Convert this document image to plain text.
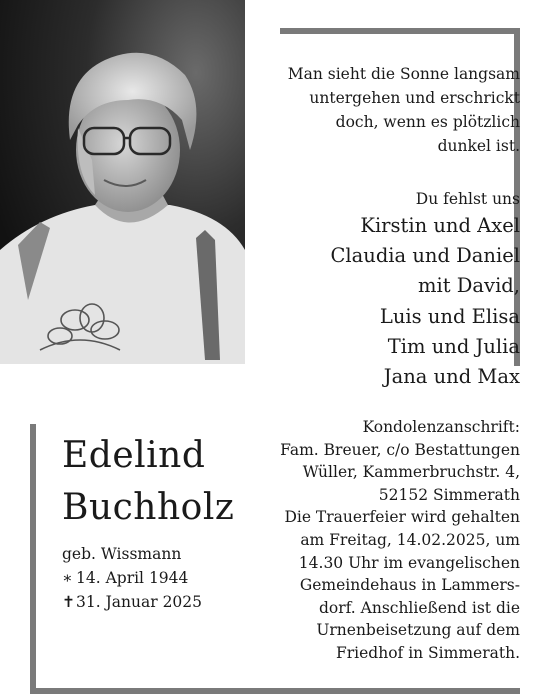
Man sieht die Sonne langsam
untergehen und erschrickt
doch, wenn es plötzlich
dunkel ist.
Du fehlst uns
Kirstin und Axel
Claudia und Daniel
mit David,
Luis und Elisa
Tim und Julia
Jana und Max
Edelind
Buchholz
geb. Wissmann
∗ 14. April 1944
✝31. Januar 2025
Kondolenzanschrift:
Fam. Breuer, c/o Bestattungen
Wüller, Kammerbruchstr. 4,
52152 Simmerath
Die Trauerfeier wird gehalten
am Freitag, 14.02.2025, um
14.30 Uhr im evangelischen
Gemeindehaus in Lammers-
dorf. Anschließend ist die
Urnenbeisetzung auf dem
Friedhof in Simmerath.
